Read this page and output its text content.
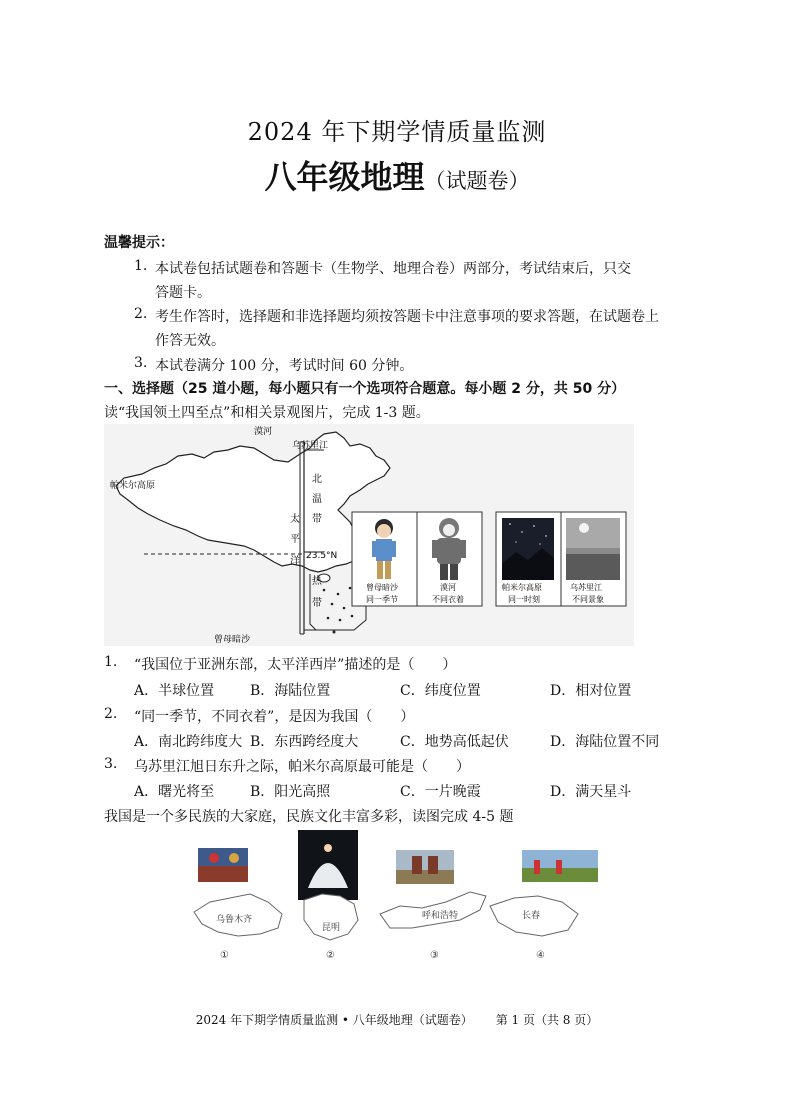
2024 年下期学情质量监测
八年级地理（试题卷）
温馨提示：
1. 本试卷包括试题卷和答题卡（生物学、地理合卷）两部分，考试结束后，只交
答题卡。
2. 考生作答时，选择题和非选择题均须按答题卡中注意事项的要求答题，在试题卷上
作答无效。
3. 本试卷满分 100 分，考试时间 60 分钟。
一、选择题（25 道小题，每小题只有一个选项符合题意。每小题 2 分，共 50 分）
读“我国领土四至点”和相关景观图片，完成 1-3 题。
漠河
乌苏里江
帕米尔高原
曾母暗沙
23.5°N
北
温
带
热
带
太
平
洋
曾母暗沙	漠河	帕米尔高原	乌苏里江
同一季节	不同衣着	同一时刻	不同景象
1. “我国位于亚洲东部，太平洋西岸”描述的是（　　）
A．半球位置	B．海陆位置	C．纬度位置	D．相对位置
2. “同一季节，不同衣着”，是因为我国（　　）
A．南北跨纬度大 B．东西跨经度大	C．地势高低起伏	D．海陆位置不同
3. 乌苏里江旭日东升之际，帕米尔高原最可能是（　　）
A．曙光将至	B．阳光高照	C．一片晚霞	D．满天星斗
我国是一个多民族的大家庭，民族文化丰富多彩，读图完成 4-5 题
乌鲁木齐
昆明
呼和浩特	长春
①	②	③	④
2024 年下期学情质量监测 • 八年级地理（试题卷） 第 1 页（共 8 页）
